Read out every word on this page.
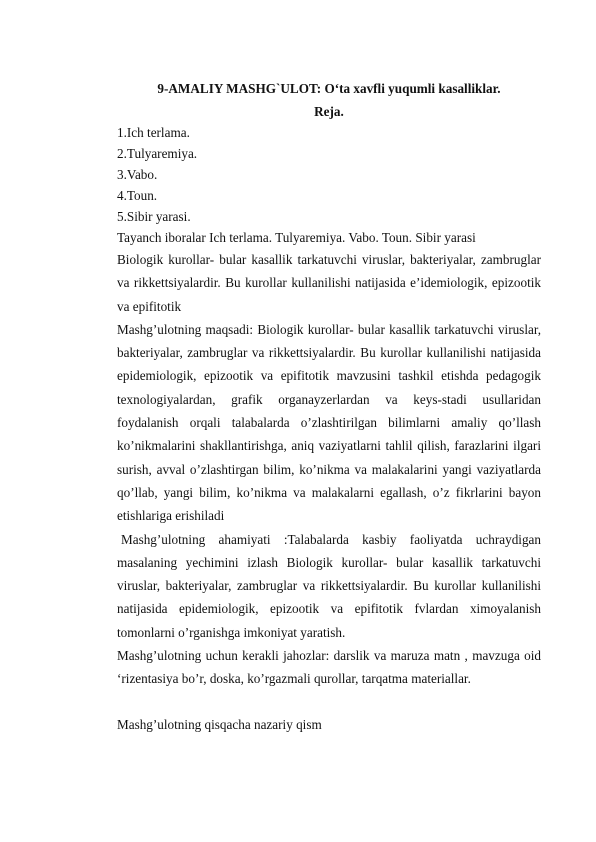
9-AMALIY MASHG`ULOT: O‘ta xavfli yuqumli kasalliklar.
Reja.
1.Ich terlama.
2.Tulyaremiya.
3.Vabo.
4.Toun.
5.Sibir yarasi.
Tayanch iboralar Ich terlama. Tulyaremiya. Vabo. Toun. Sibir yarasi

Biologik kurollar- bular kasallik tarkatuvchi viruslar, bakteriyalar, zambruglar va rikkettsiyalardir. Bu kurollar kullanilishi natijasida e’idemiologik, epizootik va epifitotik

Mashg’ulotning maqsadi: Biologik kurollar- bular kasallik tarkatuvchi viruslar, bakteriyalar, zambruglar va rikkettsiyalardir. Bu kurollar kullanilishi natijasida epidemiologik, epizootik va epifitotik mavzusini tashkil etishda pedagogik texnologiyalardan, grafik organayzerlardan va keys-stadi usullaridan foydalanish orqali talabalarda o’zlashtirilgan bilimlarni amaliy qo’llash ko’nikmalarini shakllantirishga, aniq vaziyatlarni tahlil qilish, farazlarini ilgari surish, avval o’zlashtirgan bilim, ko’nikma va malakalarini yangi vaziyatlarda qo’llab, yangi bilim, ko’nikma va malakalarni egallash, o’z fikrlarini bayon etishlariga erishiladi

Mashg’ulotning ahamiyati :Talabalarda kasbiy faoliyatda uchraydigan masalaning yechimini izlash Biologik kurollar- bular kasallik tarkatuvchi viruslar, bakteriyalar, zambruglar va rikkettsiyalardir. Bu kurollar kullanilishi natijasida epidemiologik, epizootik va epifitotik fvlardan ximoyalanish tomonlarni o’rganishga imkoniyat yaratish.

Mashg’ulotning uchun kerakli jahozlar: darslik va maruza matn , mavzuga oid ‘rizentasiya bo’r, doska, ko’rgazmali qurollar, tarqatma materiallar.

Mashg’ulotning qisqacha nazariy qism
